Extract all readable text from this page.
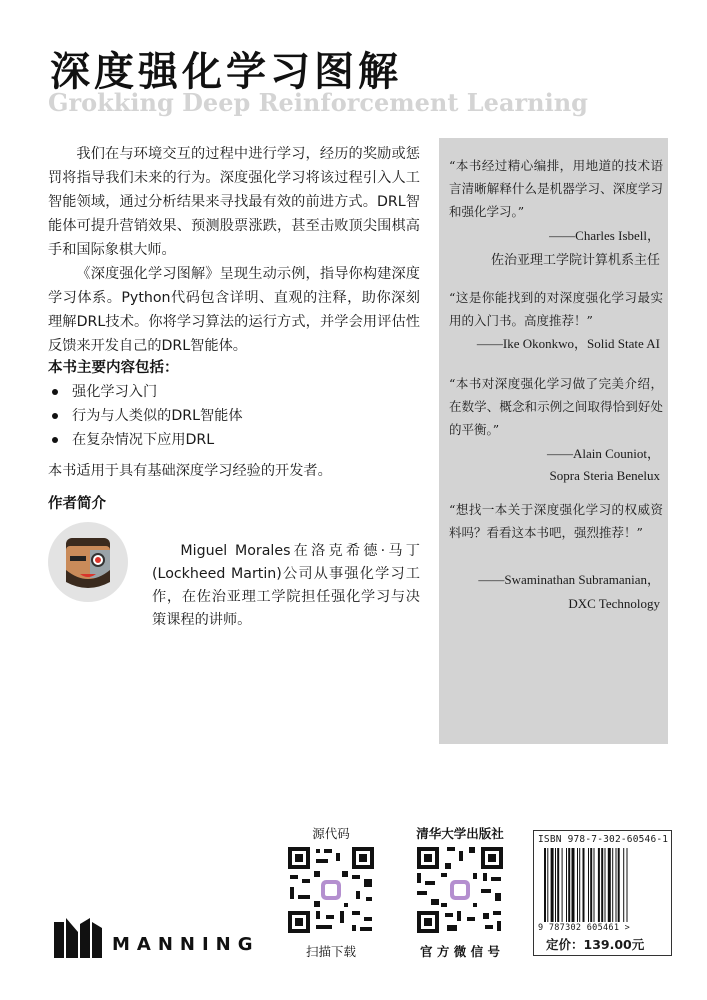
深度强化学习图解
Grokking Deep Reinforcement Learning

我们在与环境交互的过程中进行学习，经历的奖励或惩罚将指导我们未来的行为。深度强化学习将该过程引入人工智能领域，通过分析结果来寻找最有效的前进方式。DRL智能体可提升营销效果、预测股票涨跌，甚至击败顶尖围棋高手和国际象棋大师。

《深度强化学习图解》呈现生动示例，指导你构建深度学习体系。Python代码包含详明、直观的注释，助你深刻理解DRL技术。你将学习算法的运行方式，并学会用评估性反馈来开发自己的DRL智能体。

本书主要内容包括：
强化学习入门
行为与人类似的DRL智能体
在复杂情况下应用DRL
本书适用于具有基础深度学习经验的开发者。
作者简介

Miguel Morales在洛克希德·马丁(Lockheed Martin)公司从事强化学习工作，在佐治亚理工学院担任强化学习与决策课程的讲师。

“本书经过精心编排，用地道的技术语言清晰解释什么是机器学习、深度学习和强化学习。”
——Charles Isbell，
佐治亚理工学院计算机系主任
“这是你能找到的对深度强化学习最实用的入门书。高度推荐！”
——Ike Okonkwo，Solid State AI
“本书对深度强化学习做了完美介绍，在数学、概念和示例之间取得恰到好处的平衡。”
——Alain Couniot，
Sopra Steria Benelux
“想找一本关于深度强化学习的权威资料吗？看看这本书吧，强烈推荐！”
——Swaminathan Subramanian，
DXC Technology
源代码
扫描下载
清华大学出版社
官 方 微 信 号
ISBN 978-7-302-60546-1
9 787302 605461 >
定价：139.00元
MANNING
